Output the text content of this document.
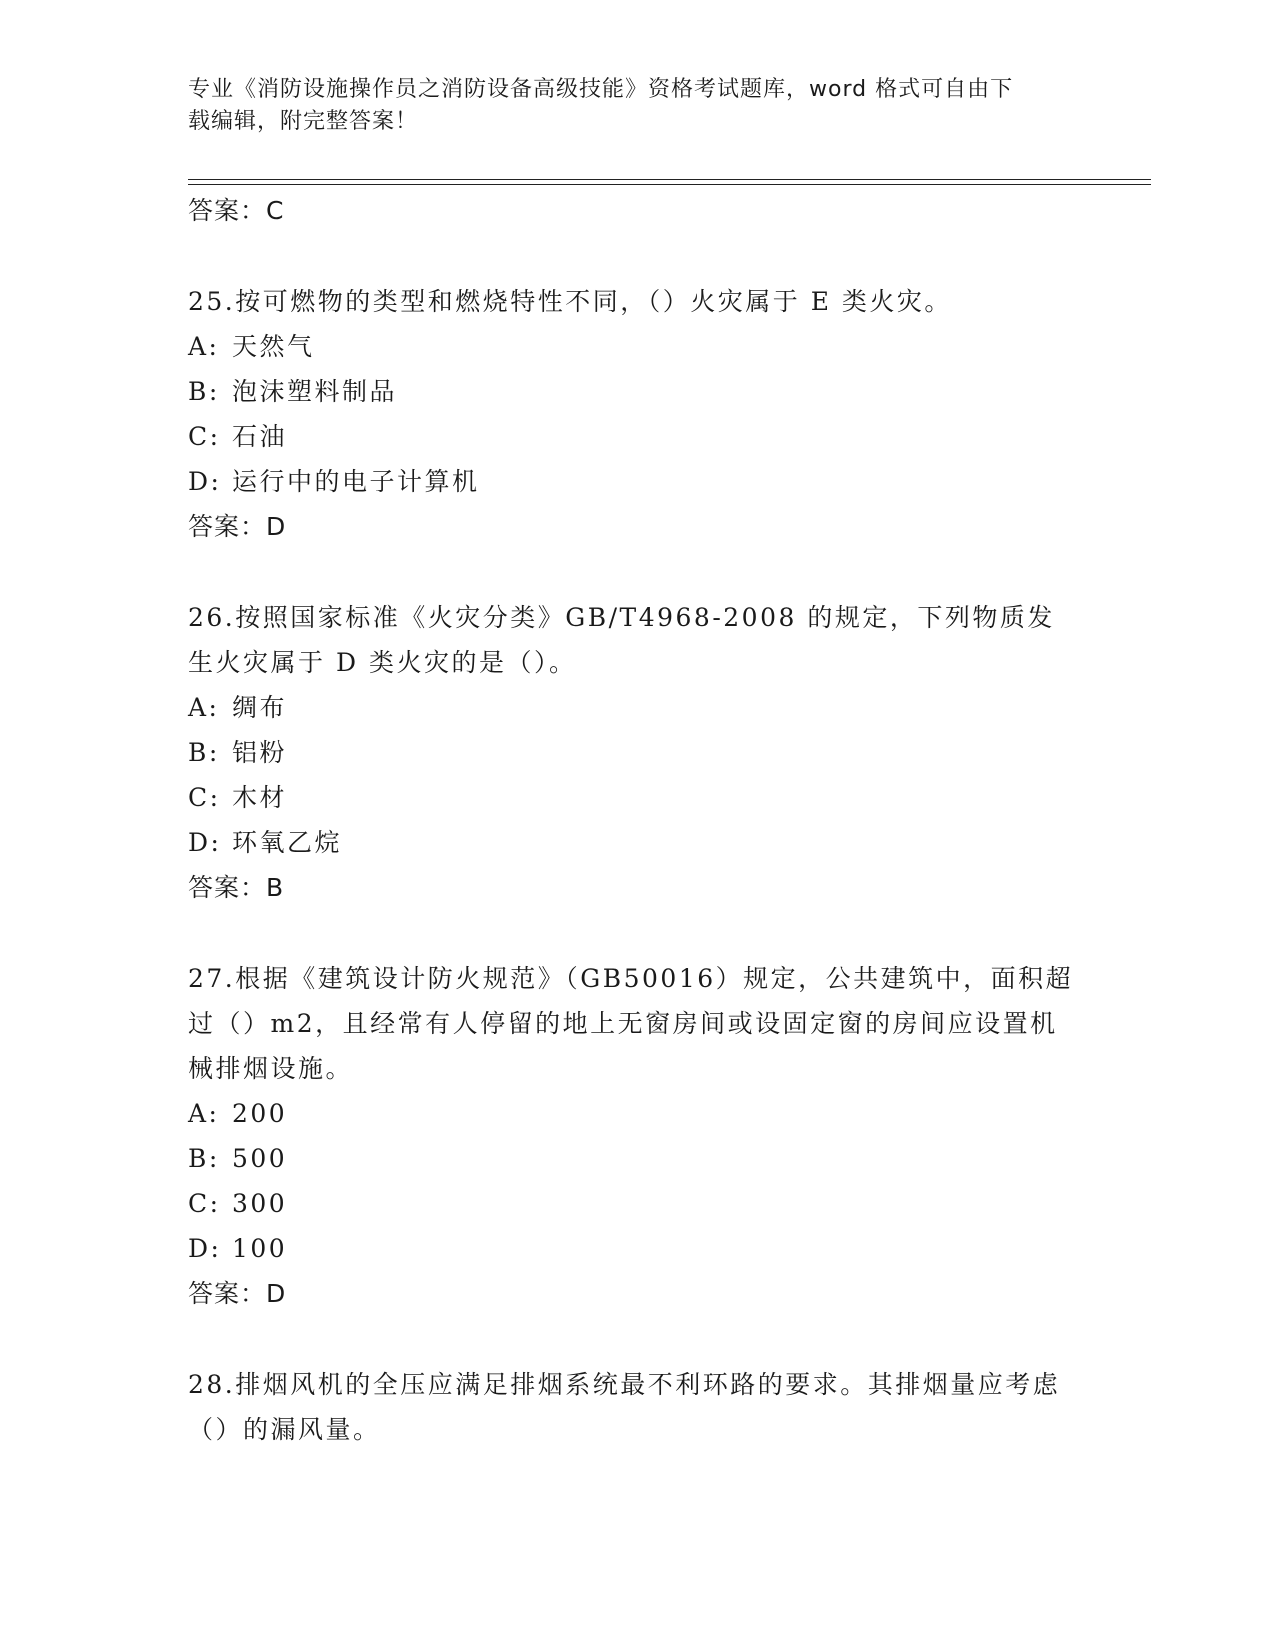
专业《消防设施操作员之消防设备高级技能》资格考试题库，word 格式可自由下
载编辑，附完整答案！

答案：C

25.按可燃物的类型和燃烧特性不同，（）火灾属于 E 类火灾。

A: 天然气
B: 泡沫塑料制品
C: 石油
D: 运行中的电子计算机

答案：D

26.按照国家标准《火灾分类》GB/T4968-2008 的规定，下列物质发生火灾属于 D 类火灾的是（）。

A: 绸布
B: 铝粉
C: 木材
D: 环氧乙烷

答案：B

27.根据《建筑设计防火规范》（GB50016）规定，公共建筑中，面积超过（）m2，且经常有人停留的地上无窗房间或设固定窗的房间应设置机械排烟设施。

A: 200
B: 500
C: 300
D: 100

答案：D

28.排烟风机的全压应满足排烟系统最不利环路的要求。其排烟量应考虑（）的漏风量。
